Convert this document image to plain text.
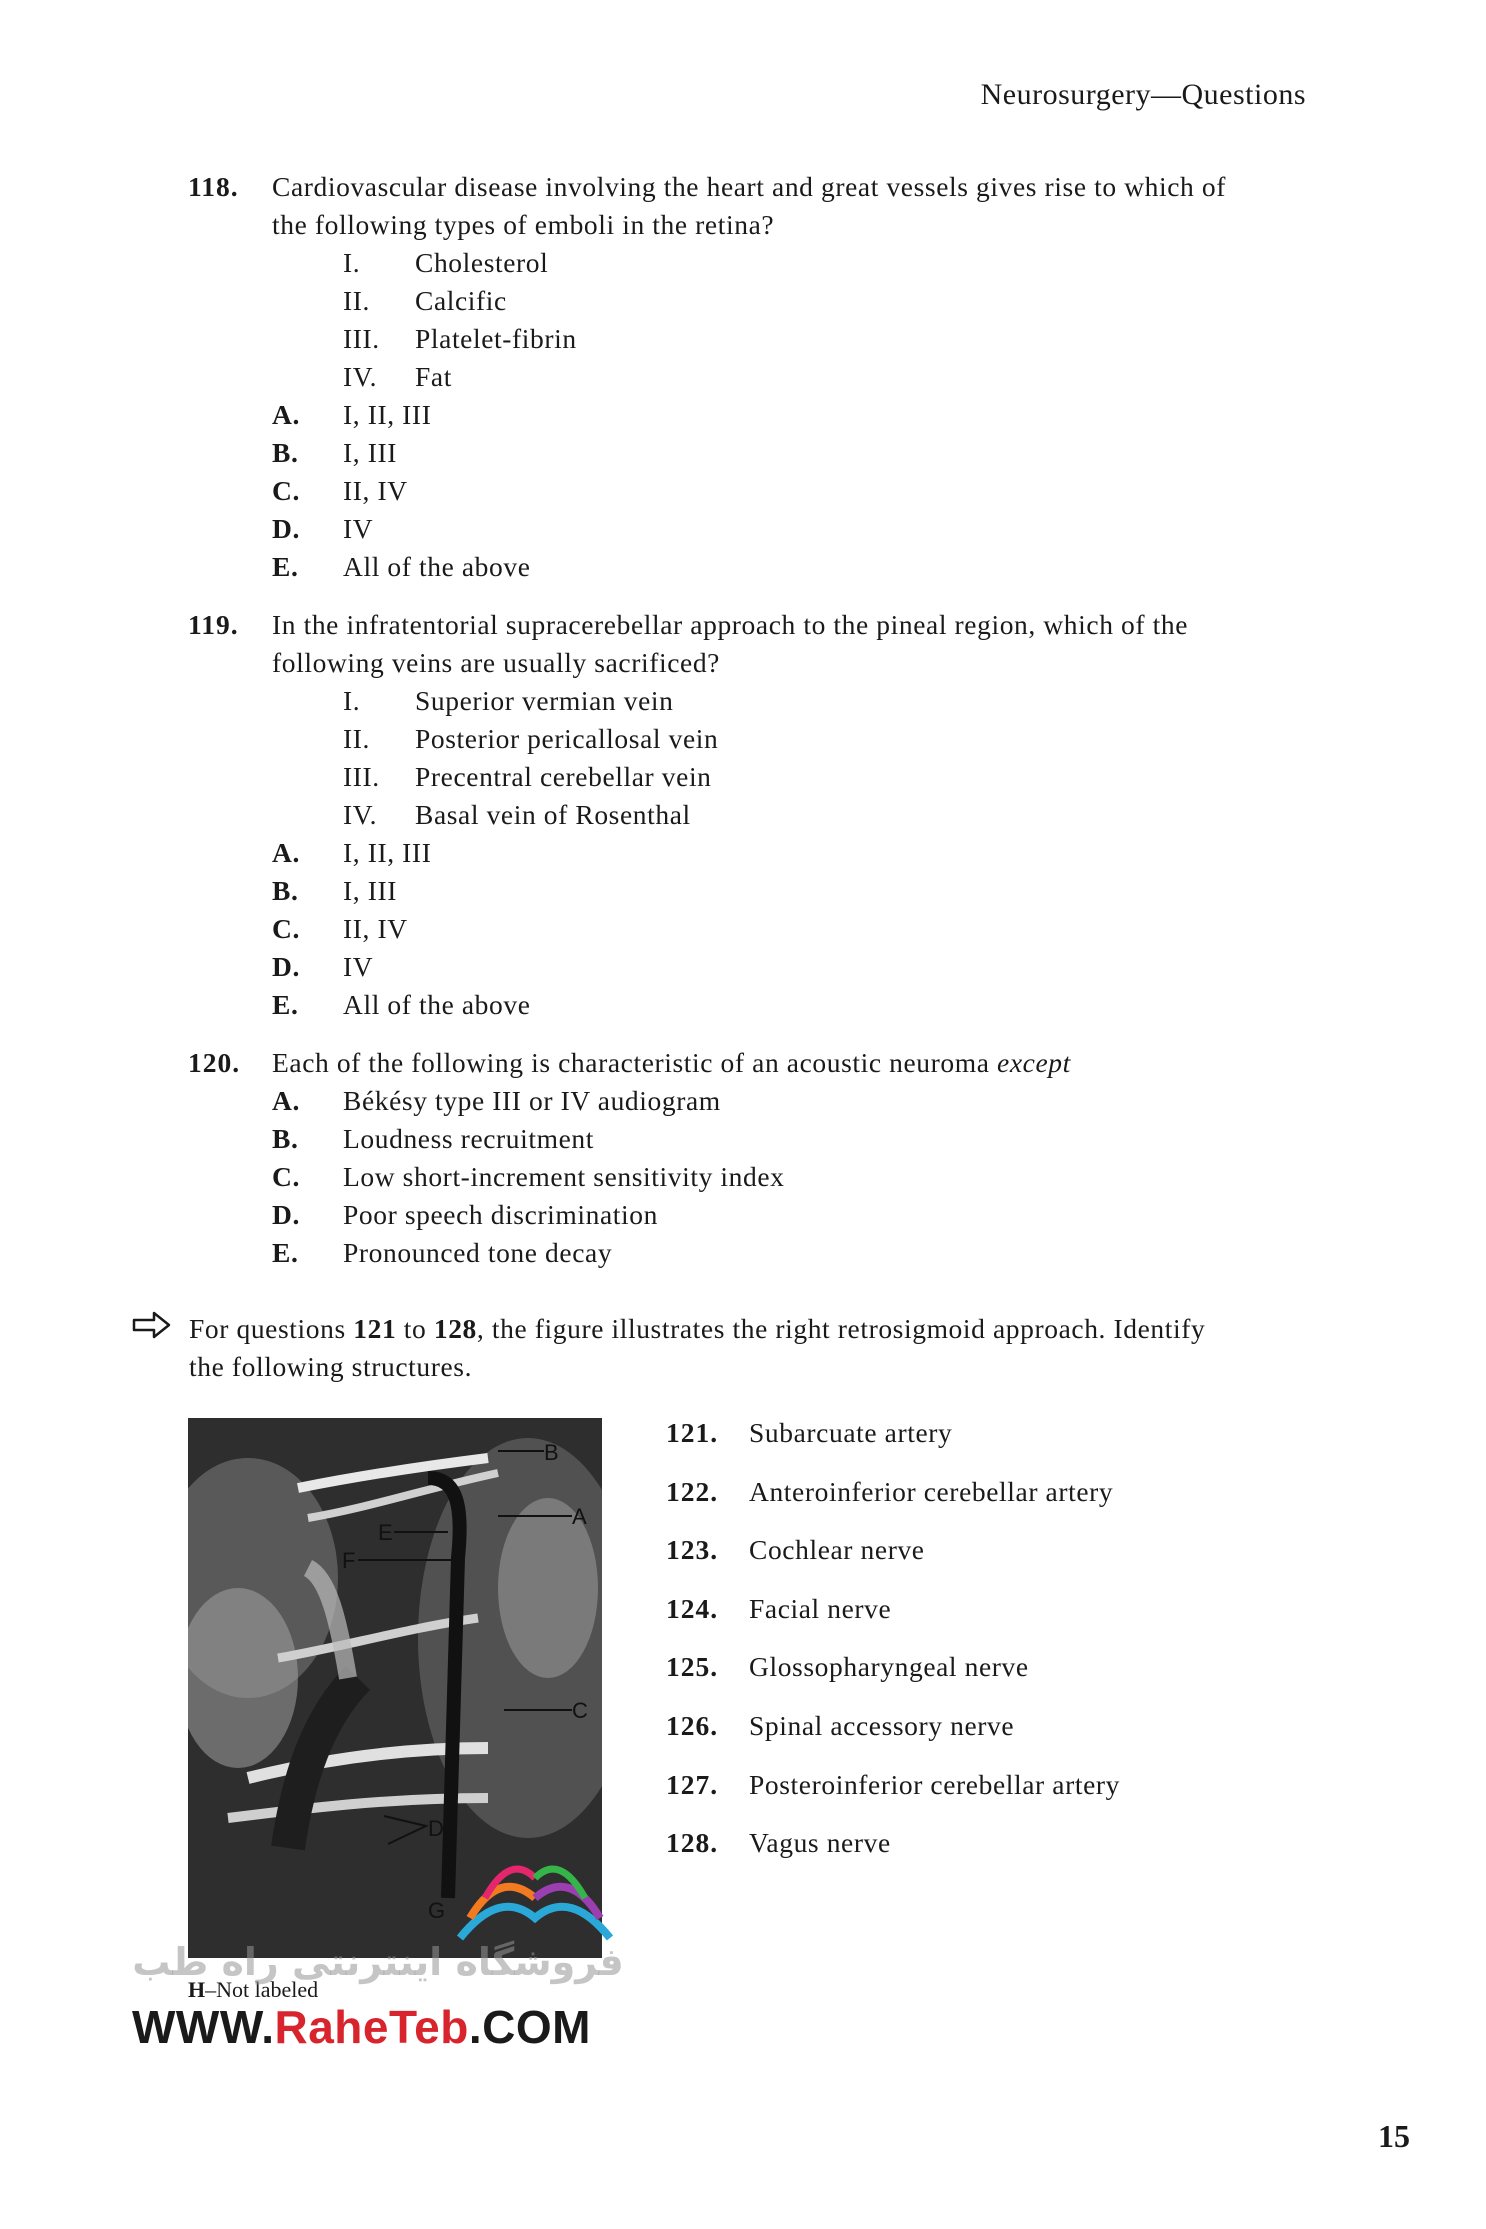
Neurosurgery—Questions
118. Cardiovascular disease involving the heart and great vessels gives rise to which of
the following types of emboli in the retina?
I. Cholesterol
II. Calcific
III. Platelet-fibrin
IV. Fat
A. I, II, III
B. I, III
C. II, IV
D. IV
E. All of the above
119. In the infratentorial supracerebellar approach to the pineal region, which of the
following veins are usually sacrificed?
I. Superior vermian vein
II. Posterior pericallosal vein
III. Precentral cerebellar vein
IV. Basal vein of Rosenthal
A. I, II, III
B. I, III
C. II, IV
D. IV
E. All of the above
120. Each of the following is characteristic of an acoustic neuroma except
A. Békésy type III or IV audiogram
B. Loudness recruitment
C. Low short-increment sensitivity index
D. Poor speech discrimination
E. Pronounced tone decay
For questions 121 to 128, the figure illustrates the right retrosigmoid approach. Identify
the following structures.
B
A
E
F
C
D
G
121. Subarcuate artery
122. Anteroinferior cerebellar artery
123. Cochlear nerve
124. Facial nerve
125. Glossopharyngeal nerve
126. Spinal accessory nerve
127. Posteroinferior cerebellar artery
128. Vagus nerve
H–Not labeled
فروشگاه اینترنتی راه طب
WWW.RaheTeb.COM
15
